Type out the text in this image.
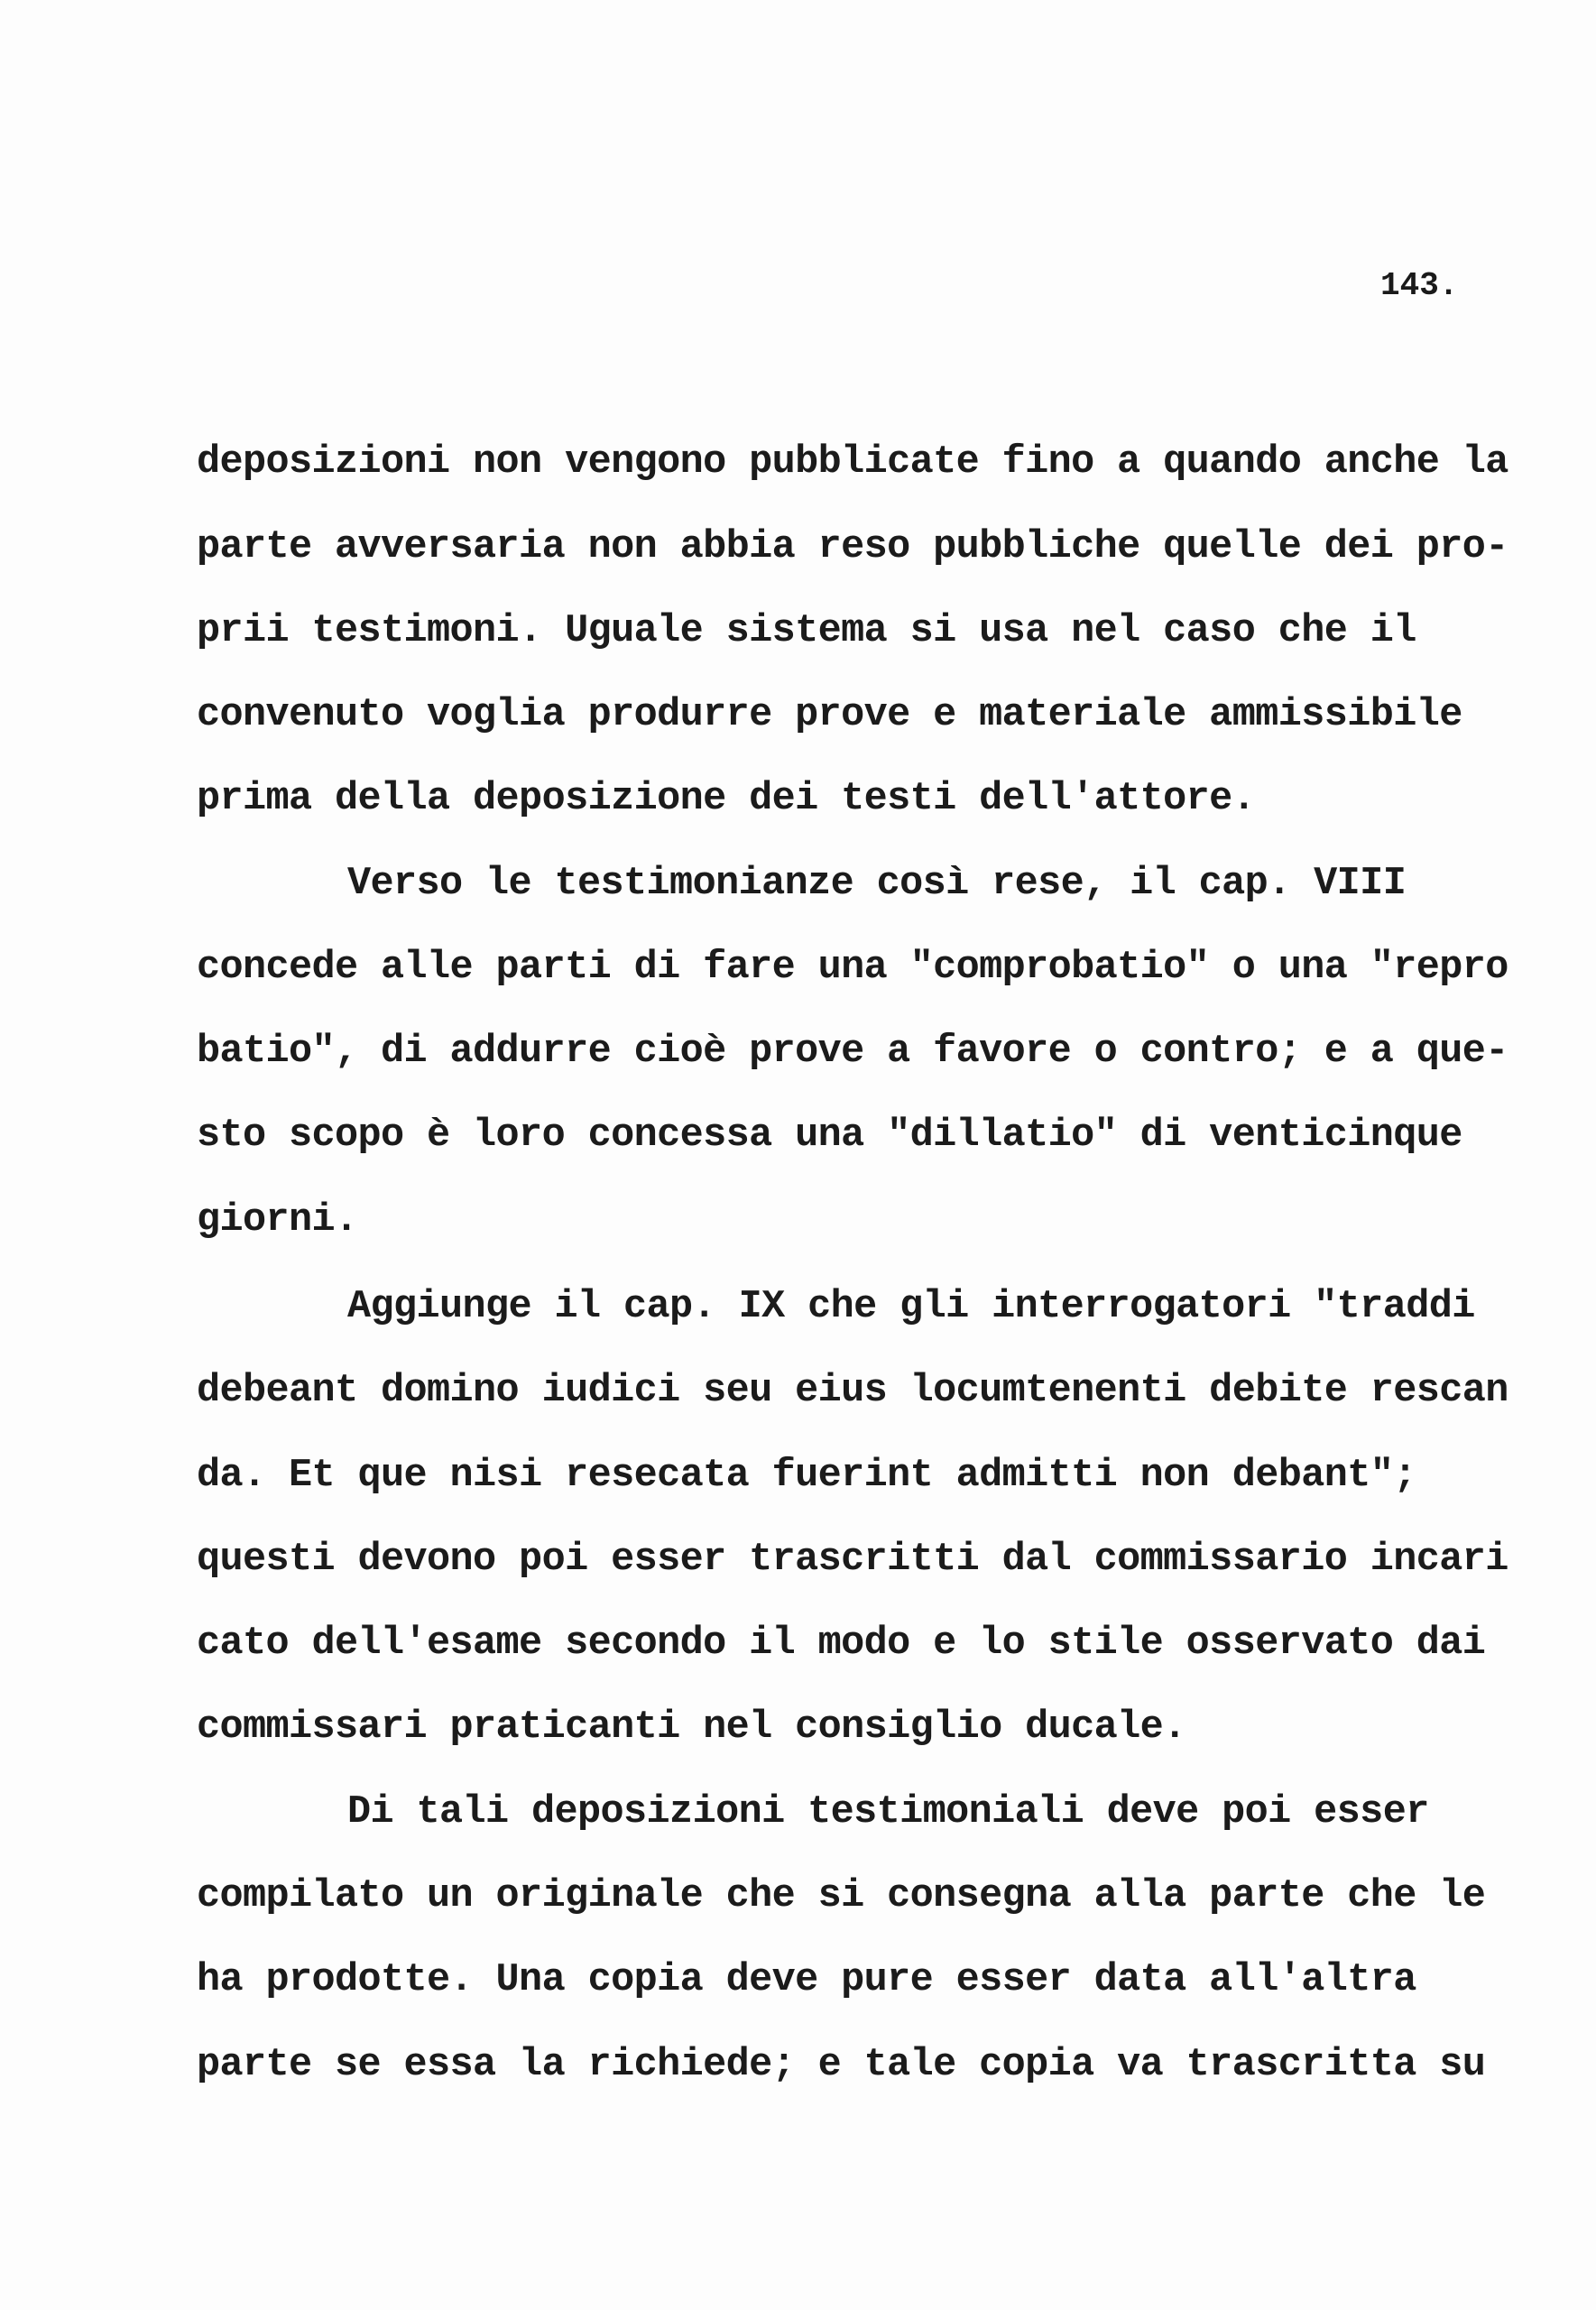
143.
deposizioni non vengono pubblicate fino a quando anche la
parte avversaria non abbia reso pubbliche quelle dei pro-
prii testimoni. Uguale sistema si usa nel caso che il
convenuto voglia produrre prove e materiale ammissibile
prima della deposizione dei testi dell'attore.
Verso le testimonianze così rese, il cap. VIII
concede alle parti di fare una "comprobatio" o una "repro
batio", di addurre cioè prove a favore o contro; e a que-
sto scopo è loro concessa una "dillatio" di venticinque
giorni.
Aggiunge il cap. IX che gli interrogatori "traddi
debeant domino iudici seu eius locumtenenti debite rescan
da. Et que nisi resecata fuerint admitti non debant";
questi devono poi esser trascritti dal commissario incari
cato dell'esame secondo il modo e lo stile osservato dai
commissari praticanti nel consiglio ducale.
Di tali deposizioni testimoniali deve poi esser
compilato un originale che si consegna alla parte che le
ha prodotte. Una copia deve pure esser data all'altra
parte se essa la richiede; e tale copia va trascritta su
